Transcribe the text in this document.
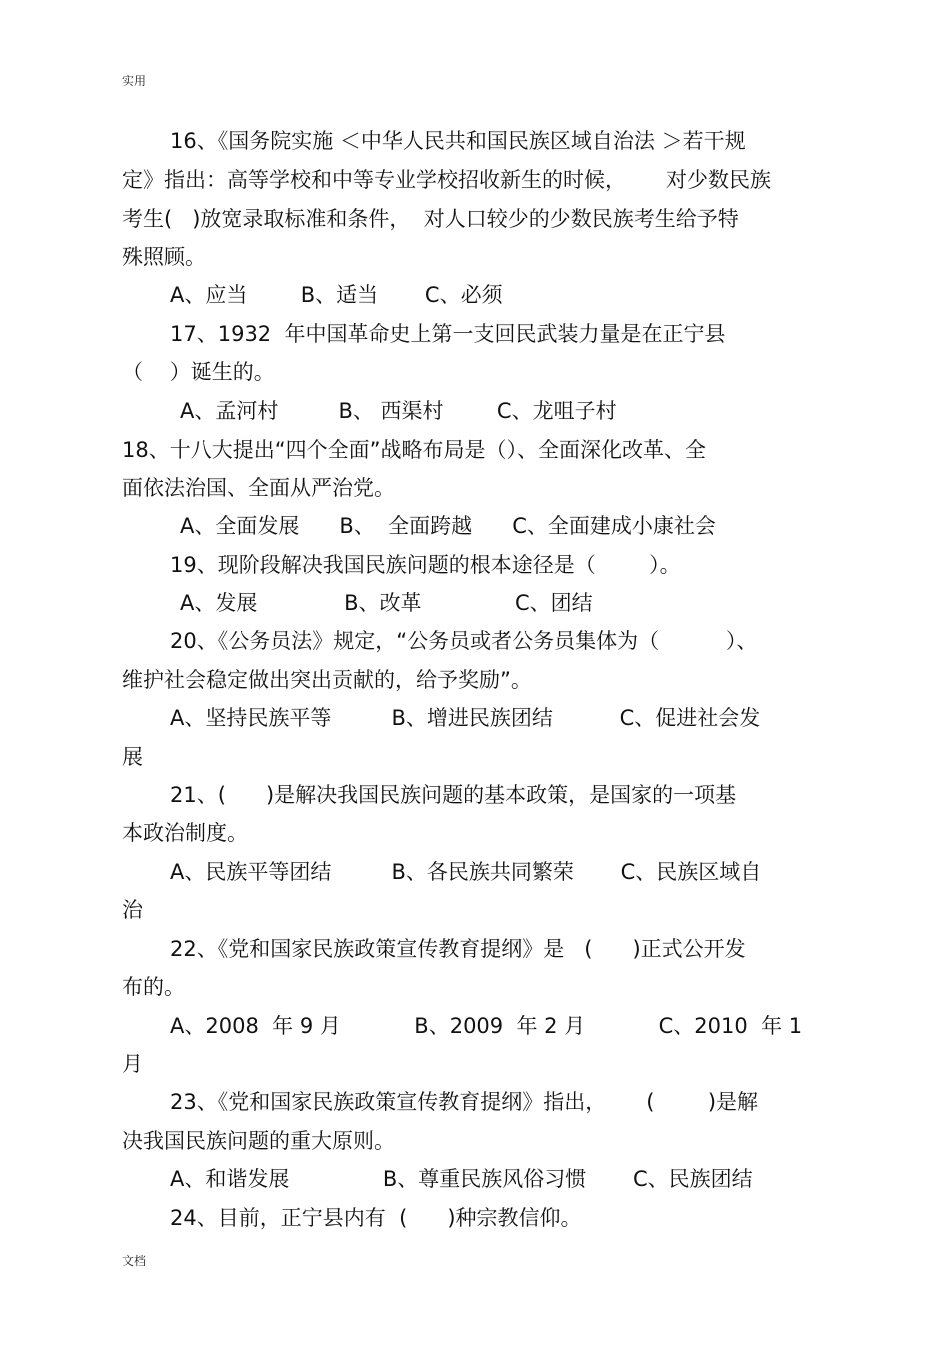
实用
16、《国务院实施 ＜中华人民共和国民族区域自治法 ＞若干规
定》指出：高等学校和中等专业学校招收新生的时候，      对少数民族
考生(   )放宽录取标准和条件，  对人口较少的少数民族考生给予特
殊照顾。
A、应当        B、适当       C、必须
17、1932  年中国革命史上第一支回民武装力量是在正宁县
（    ）诞生的。
A、孟河村         B、 西渠村        C、龙咀子村
18、十八大提出“四个全面”战略布局是（）、全面深化改革、全
面依法治国、全面从严治党。
A、全面发展      B、  全面跨越      C、全面建成小康社会
19、现阶段解决我国民族问题的根本途径是（        ）。
A、发展             B、改革              C、团结
20、《公务员法》规定，“公务员或者公务员集体为（          ）、
维护社会稳定做出突出贡献的，给予奖励”。
A、坚持民族平等         B、增进民族团结          C、促进社会发
展
21、(      )是解决我国民族问题的基本政策，是国家的一项基
本政治制度。
A、民族平等团结         B、各民族共同繁荣       C、民族区域自
治
22、《党和国家民族政策宣传教育提纲》是   (      )正式公开发
布的。
A、2008  年 9 月           B、2009  年 2 月           C、2010  年 1
月
23、《党和国家民族政策宣传教育提纲》指出，      (        )是解
决我国民族问题的重大原则。
A、和谐发展              B、尊重民族风俗习惯       C、民族团结
24、目前，正宁县内有  (      )种宗教信仰。
文档
